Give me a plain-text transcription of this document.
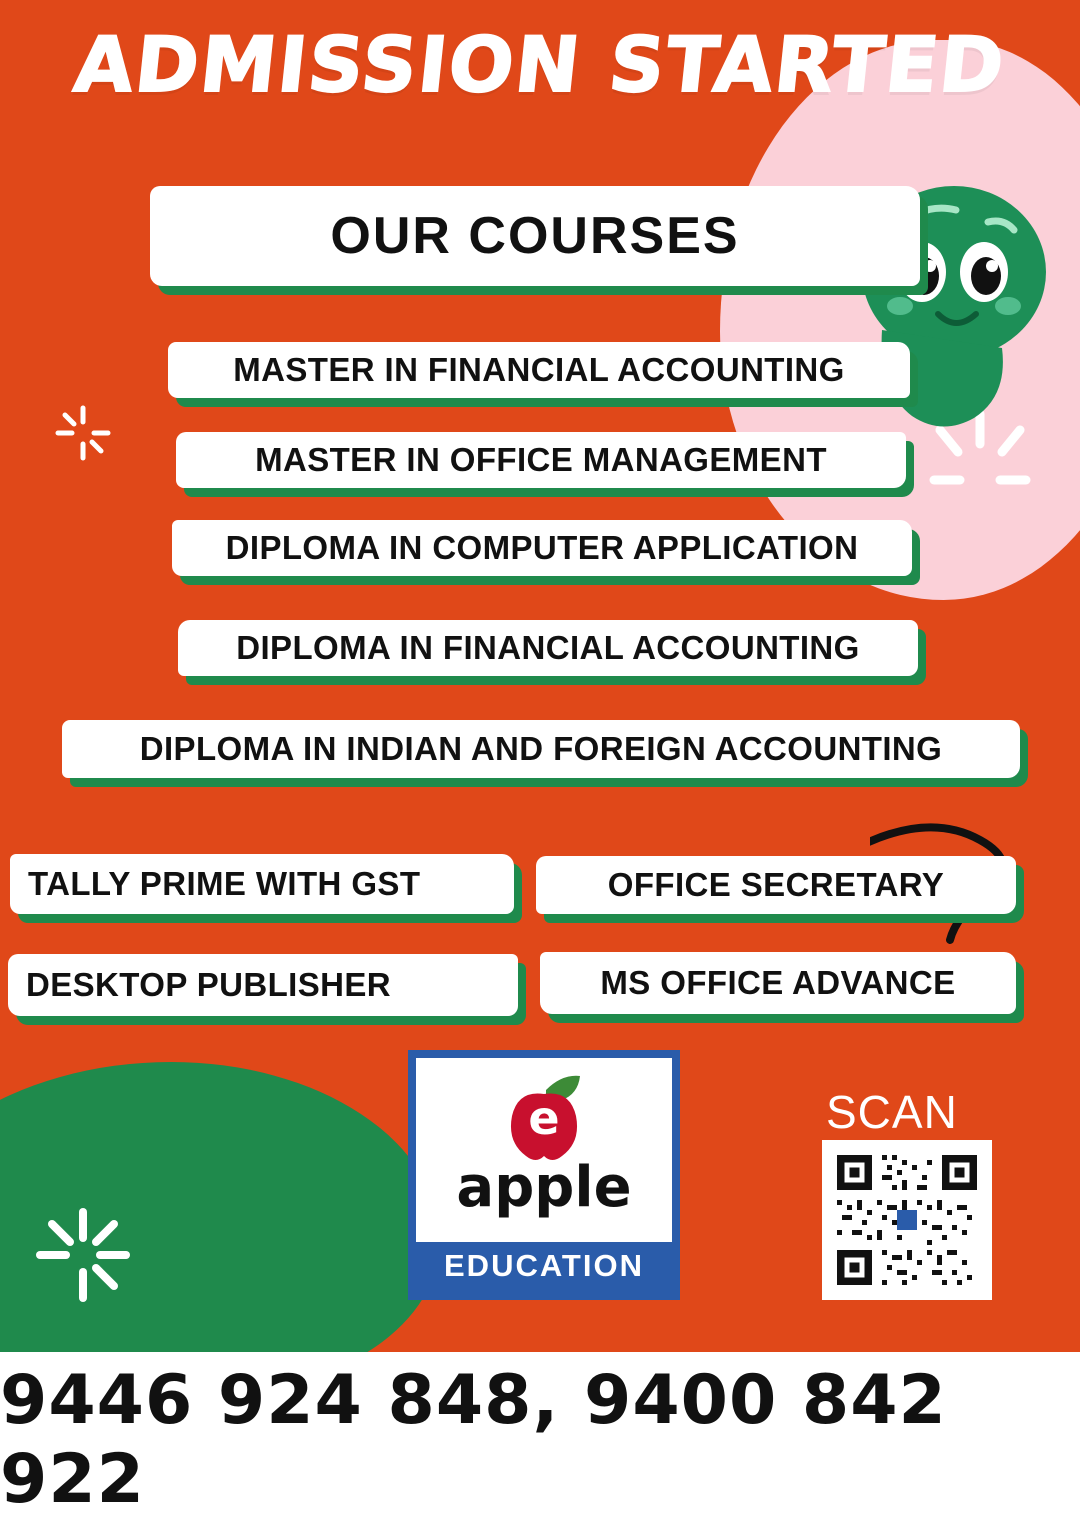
ADMISSION STARTED
OUR COURSES
MASTER IN FINANCIAL ACCOUNTING
MASTER IN OFFICE MANAGEMENT
DIPLOMA IN COMPUTER APPLICATION
DIPLOMA IN FINANCIAL ACCOUNTING
DIPLOMA IN INDIAN AND FOREIGN ACCOUNTING
TALLY PRIME WITH GST	OFFICE SECRETARY
DESKTOP PUBLISHER	MS OFFICE ADVANCE
e
apple
EDUCATION
SCAN
9446 924 848, 9400 842 922
